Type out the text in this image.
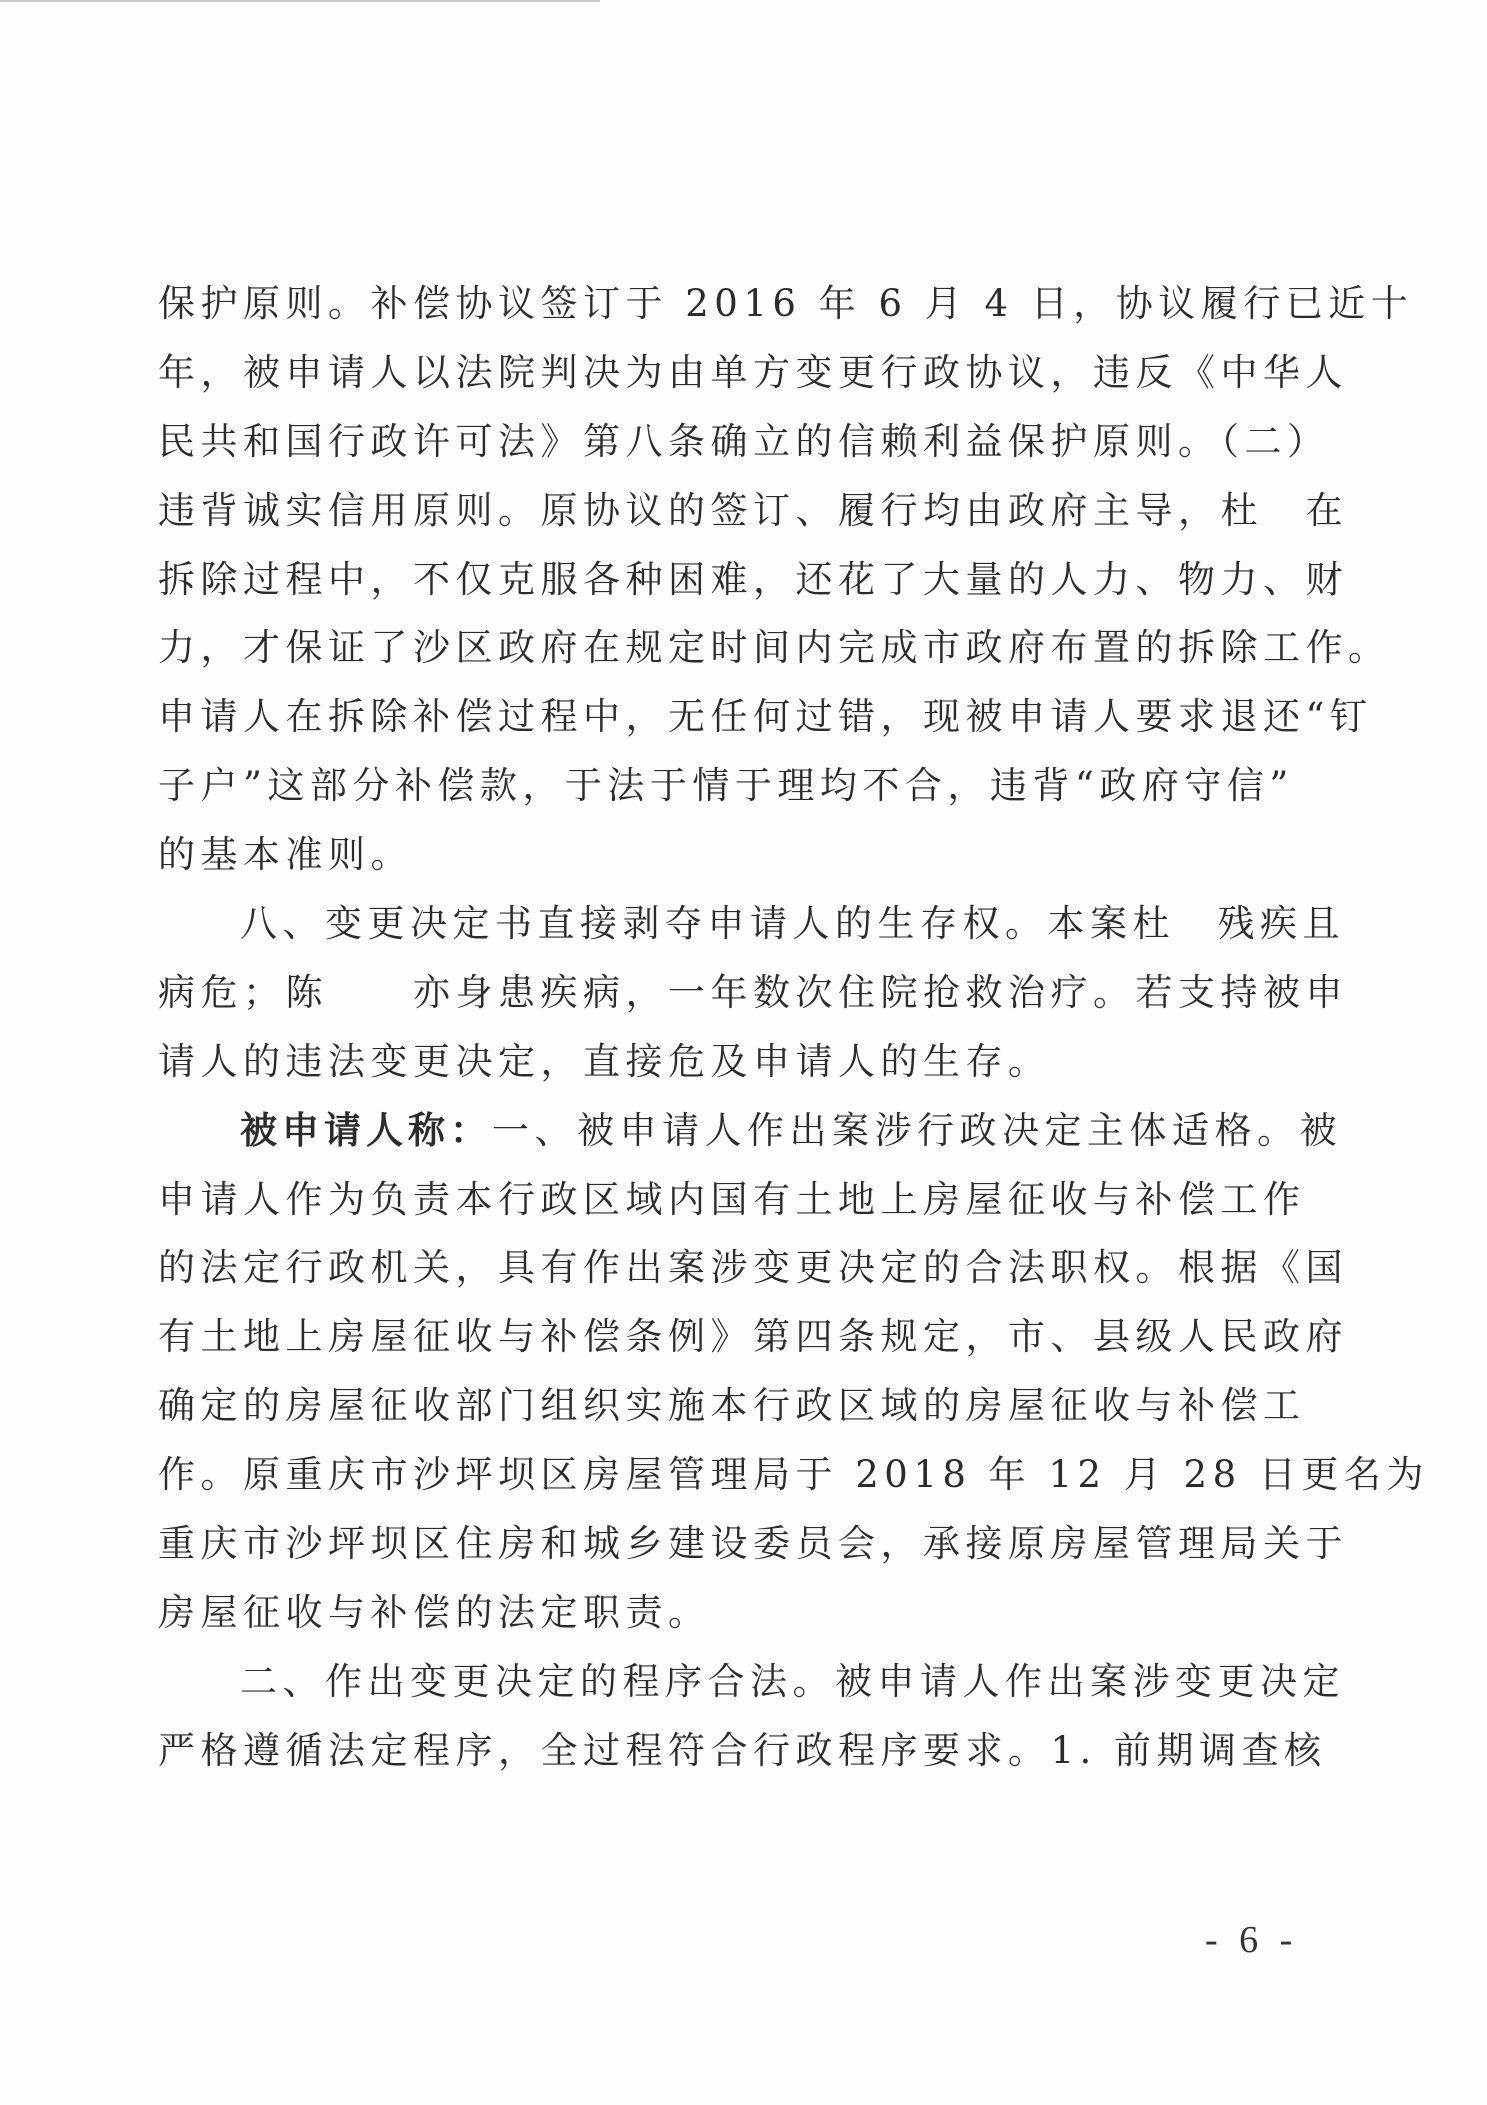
保护原则。补偿协议签订于 2016 年 6 月 4 日，协议履行已近十
年，被申请人以法院判决为由单方变更行政协议，违反《中华人
民共和国行政许可法》第八条确立的信赖利益保护原则。（二）
违背诚实信用原则。原协议的签订、履行均由政府主导，杜　在
拆除过程中，不仅克服各种困难，还花了大量的人力、物力、财
力，才保证了沙区政府在规定时间内完成市政府布置的拆除工作。
申请人在拆除补偿过程中，无任何过错，现被申请人要求退还“钉
子户”这部分补偿款，于法于情于理均不合，违背“政府守信”
的基本准则。
八、变更决定书直接剥夺申请人的生存权。本案杜　残疾且
病危；陈　　亦身患疾病，一年数次住院抢救治疗。若支持被申
请人的违法变更决定，直接危及申请人的生存。
被申请人称：一、被申请人作出案涉行政决定主体适格。被
申请人作为负责本行政区域内国有土地上房屋征收与补偿工作
的法定行政机关，具有作出案涉变更决定的合法职权。根据《国
有土地上房屋征收与补偿条例》第四条规定，市、县级人民政府
确定的房屋征收部门组织实施本行政区域的房屋征收与补偿工
作。原重庆市沙坪坝区房屋管理局于 2018 年 12 月 28 日更名为
重庆市沙坪坝区住房和城乡建设委员会，承接原房屋管理局关于
房屋征收与补偿的法定职责。
二、作出变更决定的程序合法。被申请人作出案涉变更决定
严格遵循法定程序，全过程符合行政程序要求。1. 前期调查核
- 6 -
